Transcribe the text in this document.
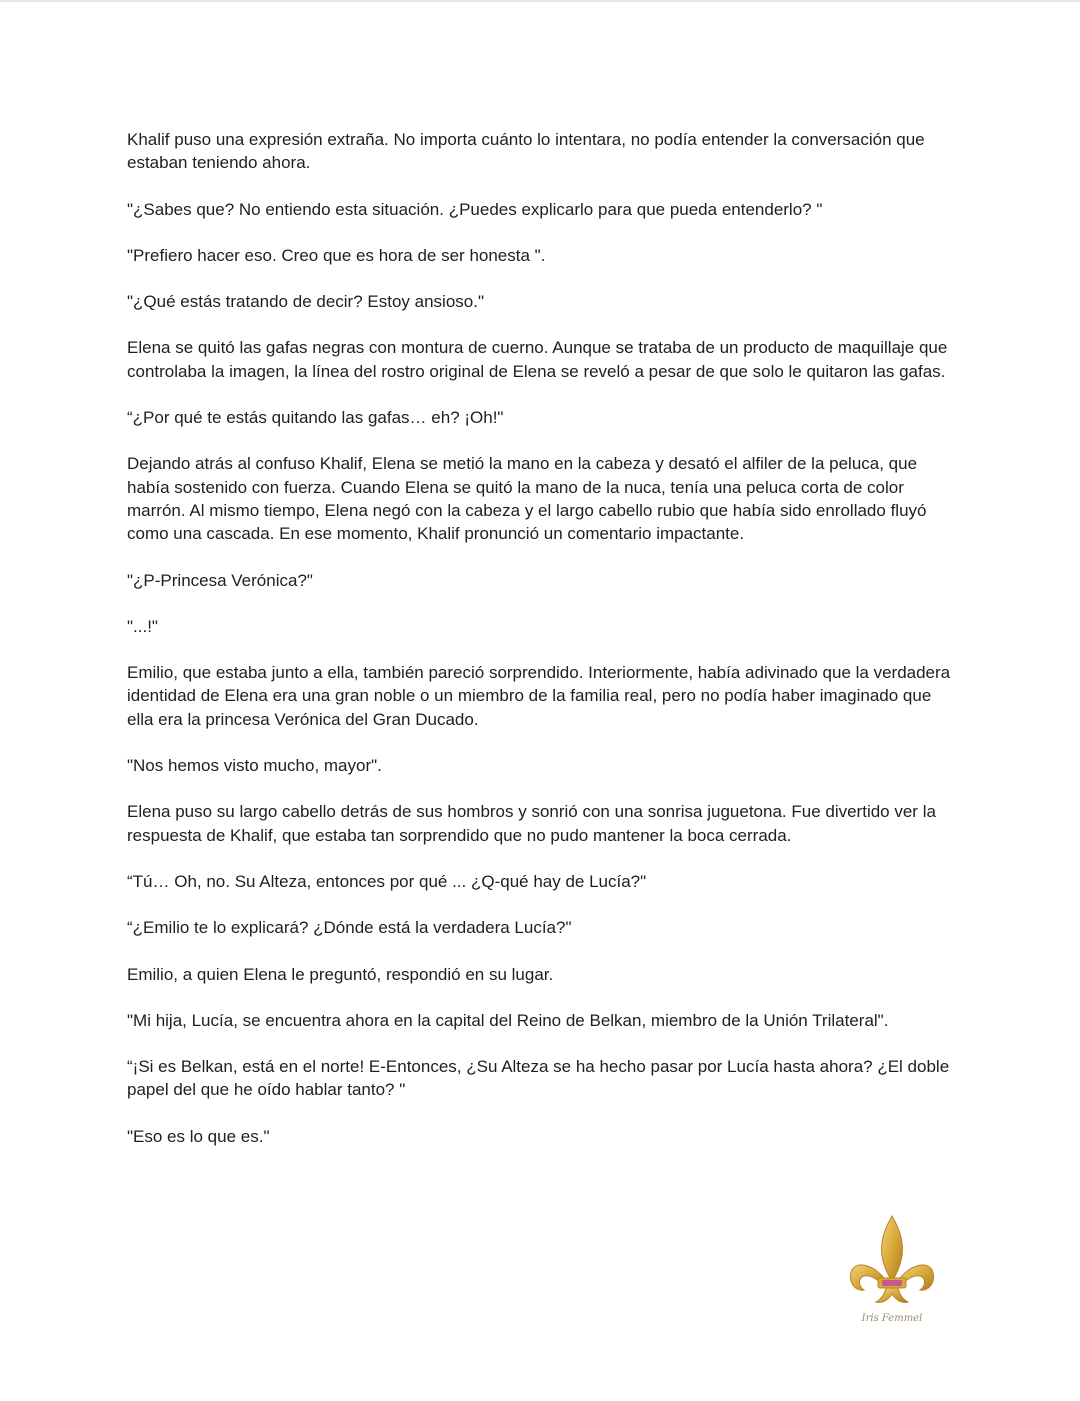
Khalif puso una expresión extraña. No importa cuánto lo intentara, no podía entender la conversación que estaban teniendo ahora.

"¿Sabes que? No entiendo esta situación. ¿Puedes explicarlo para que pueda entenderlo? "

"Prefiero hacer eso. Creo que es hora de ser honesta ".

"¿Qué estás tratando de decir? Estoy ansioso."

Elena se quitó las gafas negras con montura de cuerno. Aunque se trataba de un producto de maquillaje que controlaba la imagen, la línea del rostro original de Elena se reveló a pesar de que solo le quitaron las gafas.

“¿Por qué te estás quitando las gafas… eh? ¡Oh!"

Dejando atrás al confuso Khalif, Elena se metió la mano en la cabeza y desató el alfiler de la peluca, que había sostenido con fuerza. Cuando Elena se quitó la mano de la nuca, tenía una peluca corta de color marrón. Al mismo tiempo, Elena negó con la cabeza y el largo cabello rubio que había sido enrollado fluyó como una cascada. En ese momento, Khalif pronunció un comentario impactante.

"¿P-Princesa Verónica?"

"...!"

Emilio, que estaba junto a ella, también pareció sorprendido. Interiormente, había adivinado que la verdadera identidad de Elena era una gran noble o un miembro de la familia real, pero no podía haber imaginado que ella era la princesa Verónica del Gran Ducado.

"Nos hemos visto mucho, mayor".

Elena puso su largo cabello detrás de sus hombros y sonrió con una sonrisa juguetona. Fue divertido ver la respuesta de Khalif, que estaba tan sorprendido que no pudo mantener la boca cerrada.

“Tú… Oh, no. Su Alteza, entonces por qué ... ¿Q-qué hay de Lucía?"

“¿Emilio te lo explicará? ¿Dónde está la verdadera Lucía?"

Emilio, a quien Elena le preguntó, respondió en su lugar.

"Mi hija, Lucía, se encuentra ahora en la capital del Reino de Belkan, miembro de la Unión Trilateral".

“¡Si es Belkan, está en el norte! E-Entonces, ¿Su Alteza se ha hecho pasar por Lucía hasta ahora? ¿El doble papel del que he oído hablar tanto? "

"Eso es lo que es."

Iris Femmel
